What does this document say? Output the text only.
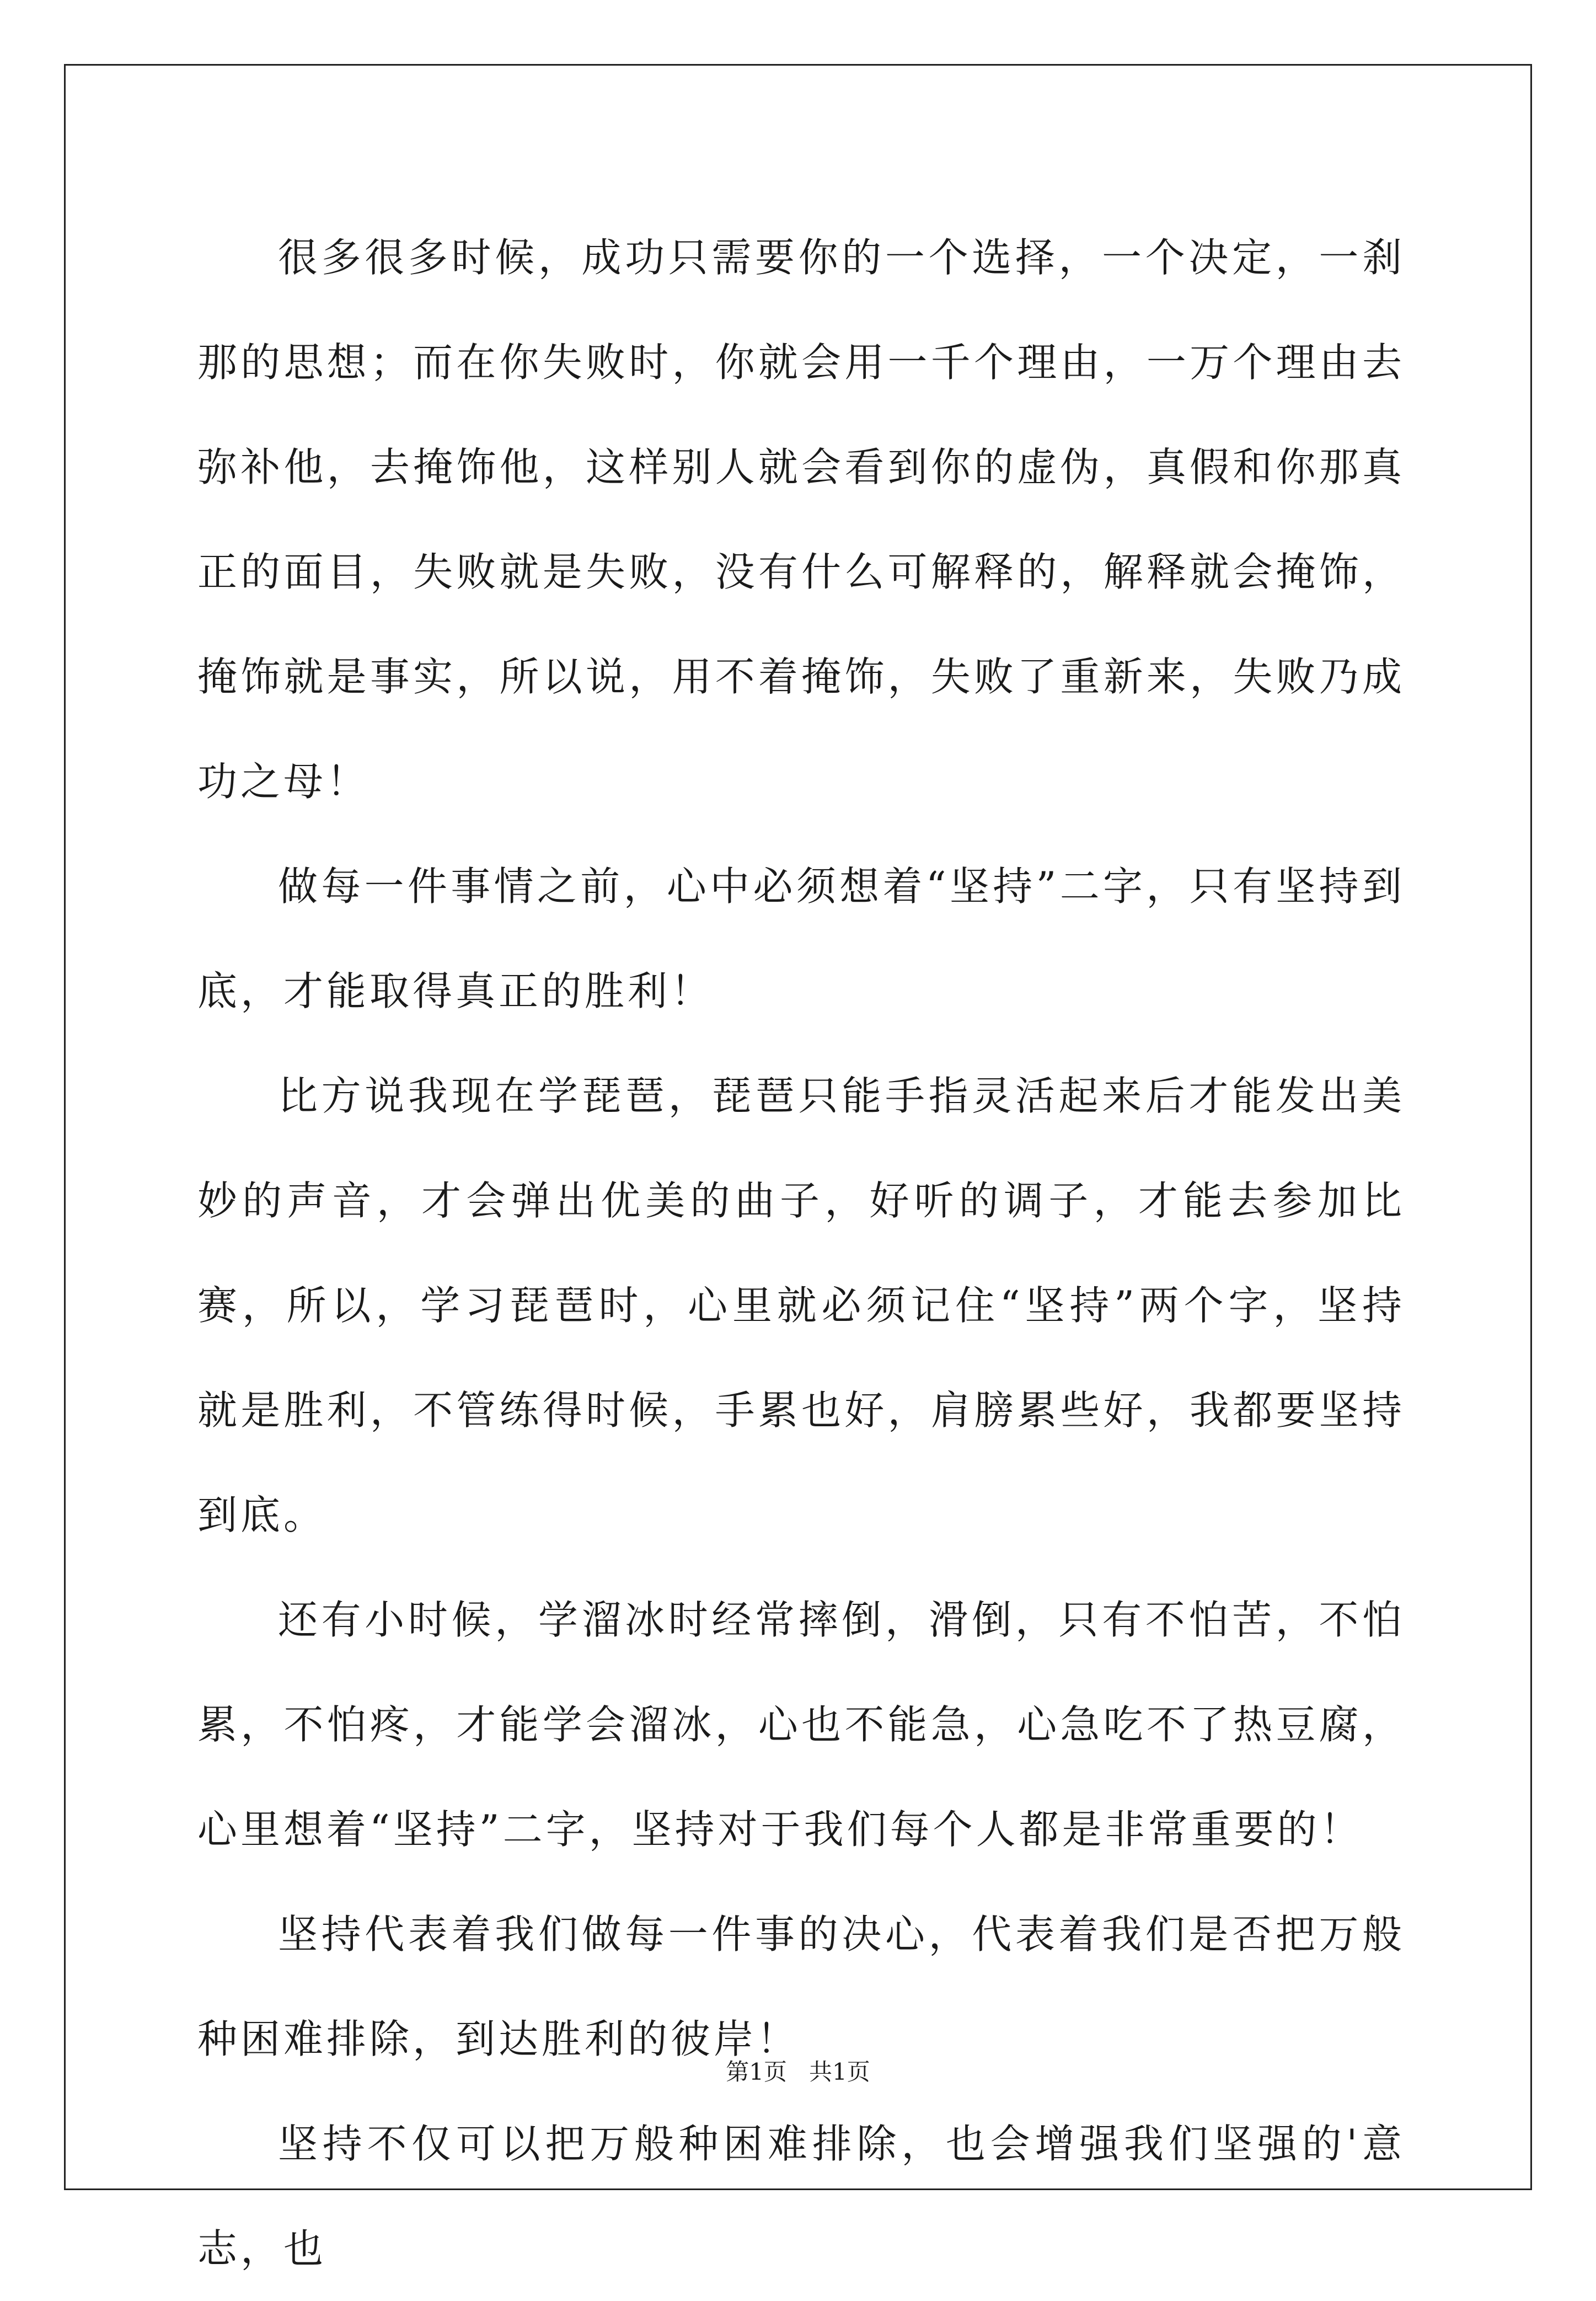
很多很多时候，成功只需要你的一个选择，一个决定，一刹那的思想；而在你失败时，你就会用一千个理由，一万个理由去弥补他，去掩饰他，这样别人就会看到你的虚伪，真假和你那真正的面目，失败就是失败，没有什么可解释的，解释就会掩饰，掩饰就是事实，所以说，用不着掩饰，失败了重新来，失败乃成功之母！

做每一件事情之前，心中必须想着“坚持”二字，只有坚持到底，才能取得真正的胜利！

比方说我现在学琵琶，琵琶只能手指灵活起来后才能发出美妙的声音，才会弹出优美的曲子，好听的调子，才能去参加比赛，所以，学习琵琶时，心里就必须记住“坚持”两个字，坚持就是胜利，不管练得时候，手累也好，肩膀累些好，我都要坚持到底。

还有小时候，学溜冰时经常摔倒，滑倒，只有不怕苦，不怕累，不怕疼，才能学会溜冰，心也不能急，心急吃不了热豆腐，心里想着“坚持”二字，坚持对于我们每个人都是非常重要的！

坚持代表着我们做每一件事的决心，代表着我们是否把万般种困难排除，到达胜利的彼岸！

坚持不仅可以把万般种困难排除，也会增强我们坚强的'意志，也

第1页   共1页
